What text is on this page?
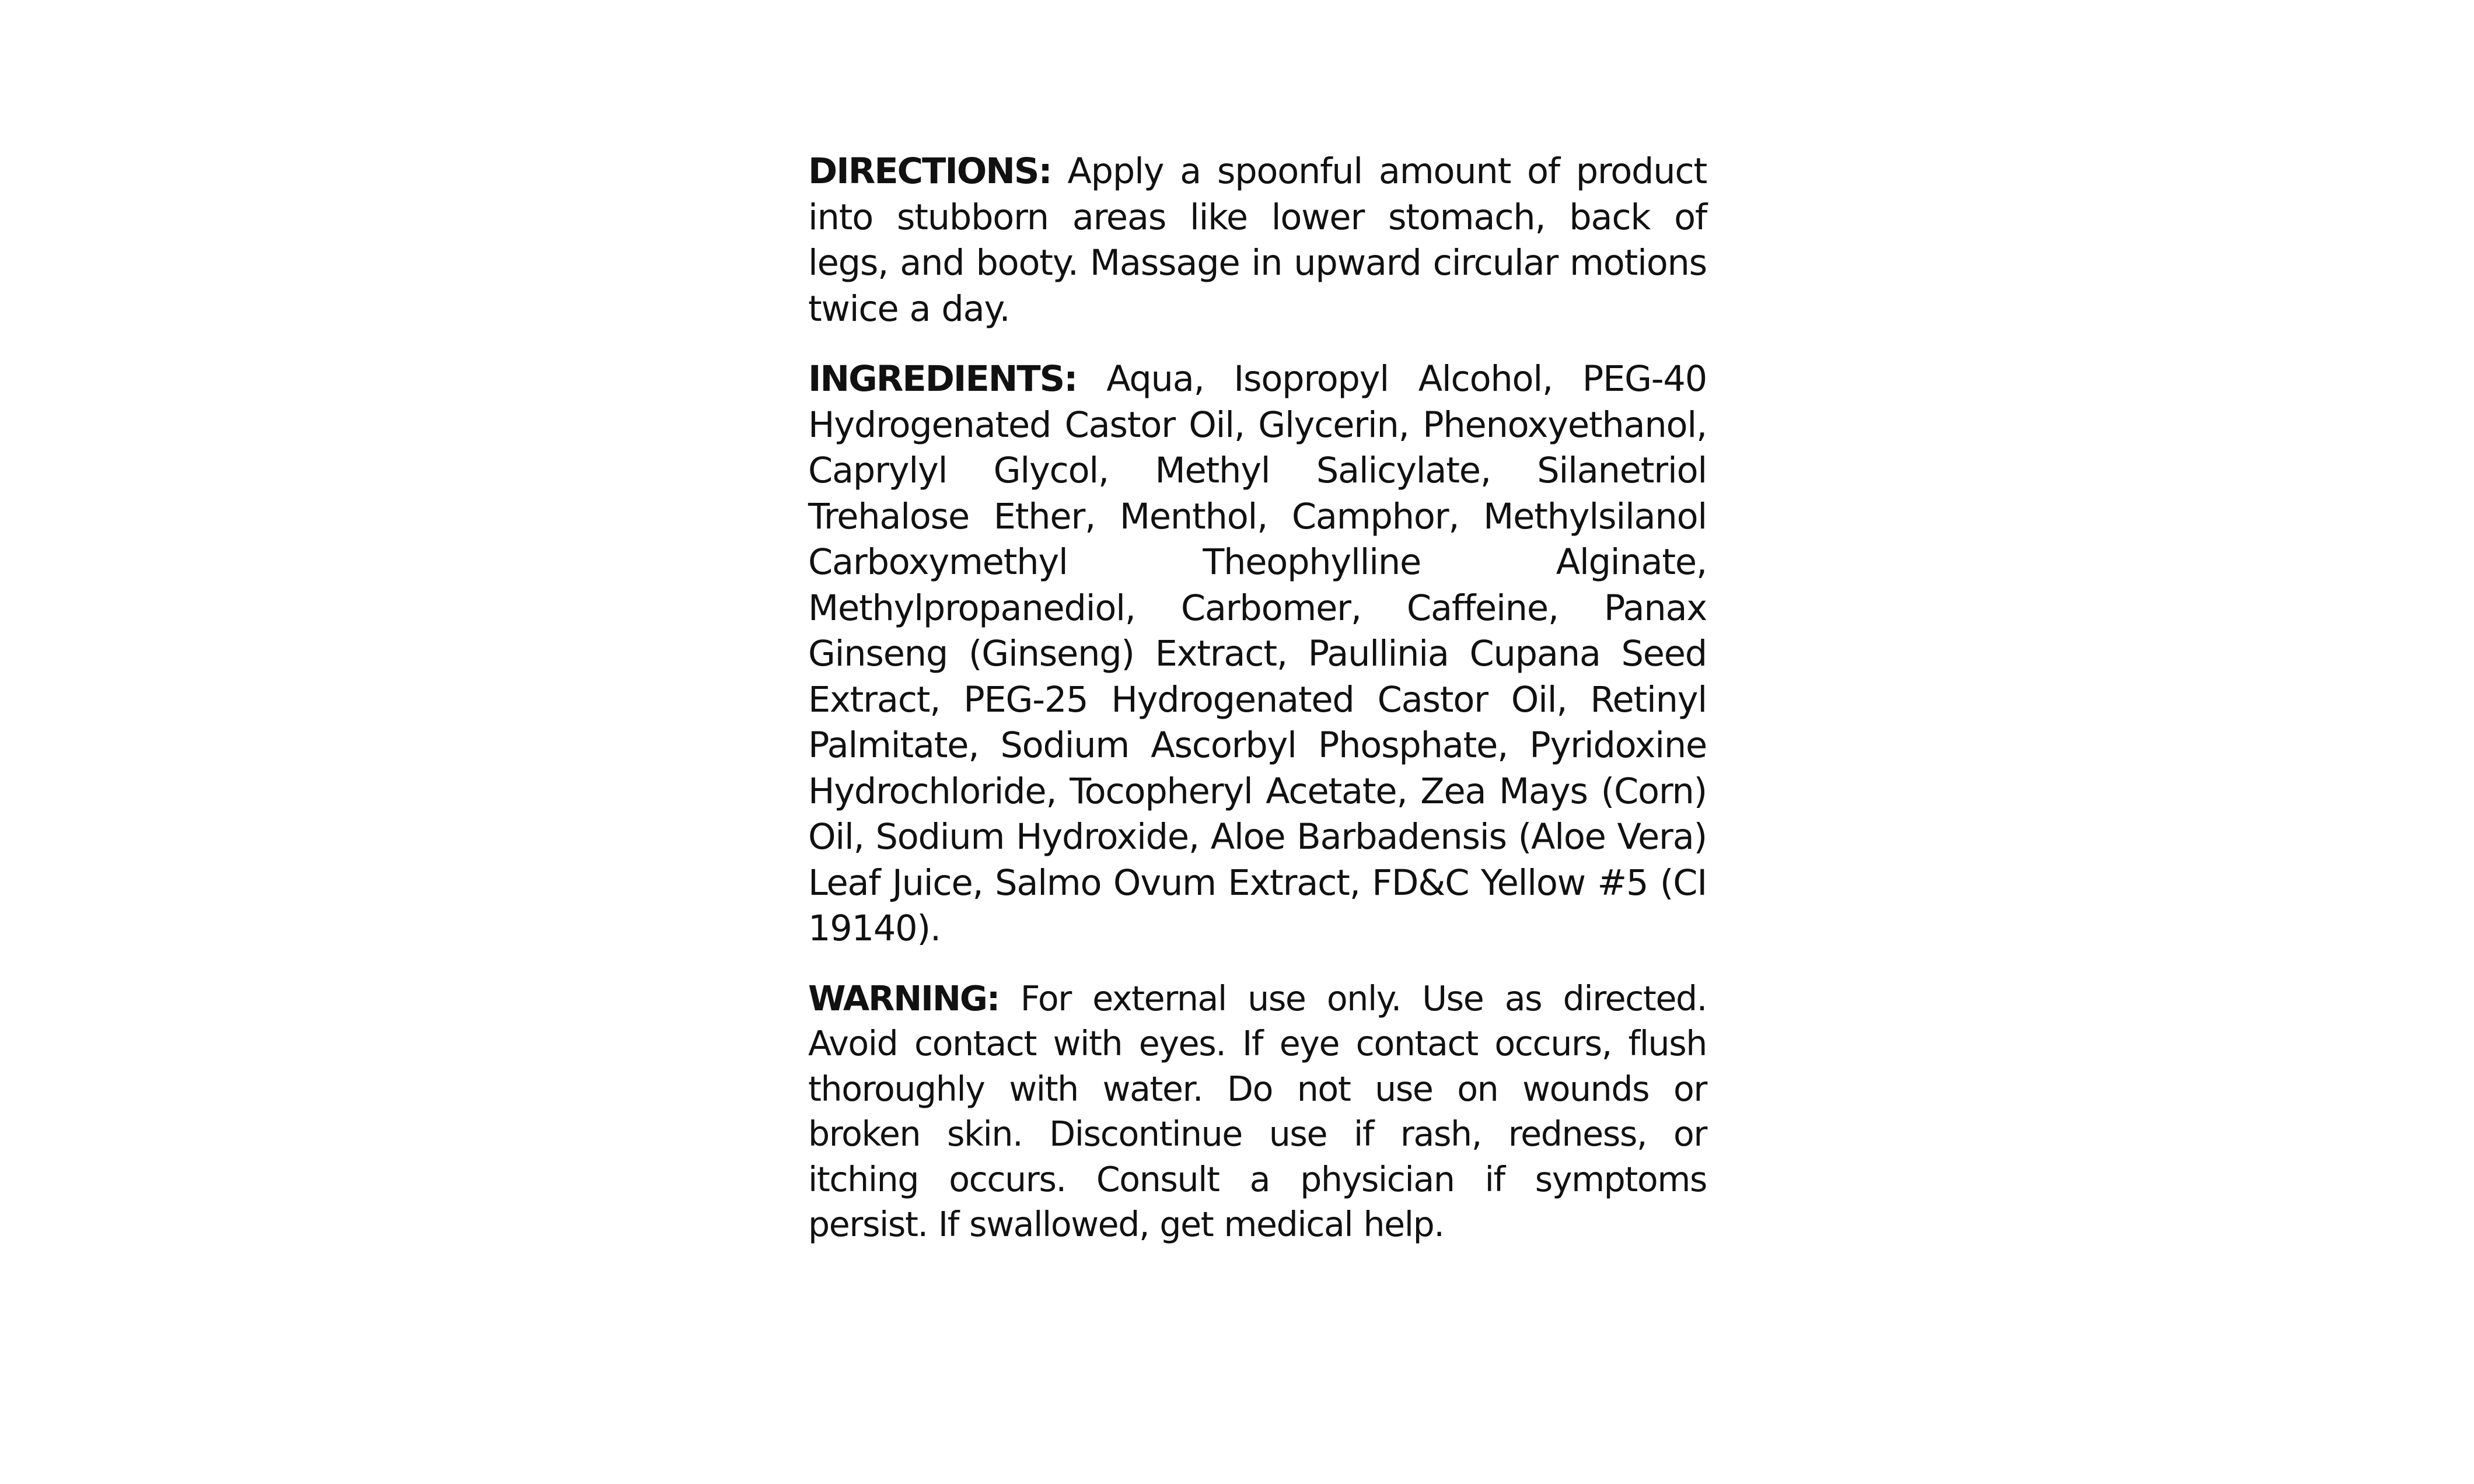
DIRECTIONS: Apply a spoonful amount of product into stubborn areas like lower stomach, back of legs, and booty. Massage in upward circular motions twice a day.

INGREDIENTS: Aqua, Isopropyl Alcohol, PEG-40 Hydrogenated Castor Oil, Glycerin, Phenoxyethanol, Caprylyl Glycol, Methyl Salicylate, Silanetriol Trehalose Ether, Menthol, Camphor, Methylsilanol Carboxymethyl Theophylline Alginate, Methylpropanediol, Carbomer, Caffeine, Panax Ginseng (Ginseng) Extract, Paullinia Cupana Seed Extract, PEG-25 Hydrogenated Castor Oil, Retinyl Palmitate, Sodium Ascorbyl Phosphate, Pyridoxine Hydrochloride, Tocopheryl Acetate, Zea Mays (Corn) Oil, Sodium Hydroxide, Aloe Barbadensis (Aloe Vera) Leaf Juice, Salmo Ovum Extract, FD&C Yellow #5 (CI 19140).

WARNING: For external use only. Use as directed. Avoid contact with eyes. If eye contact occurs, flush thoroughly with water. Do not use on wounds or broken skin. Discontinue use if rash, redness, or itching occurs. Consult a physician if symptoms persist. If swallowed, get medical help.
